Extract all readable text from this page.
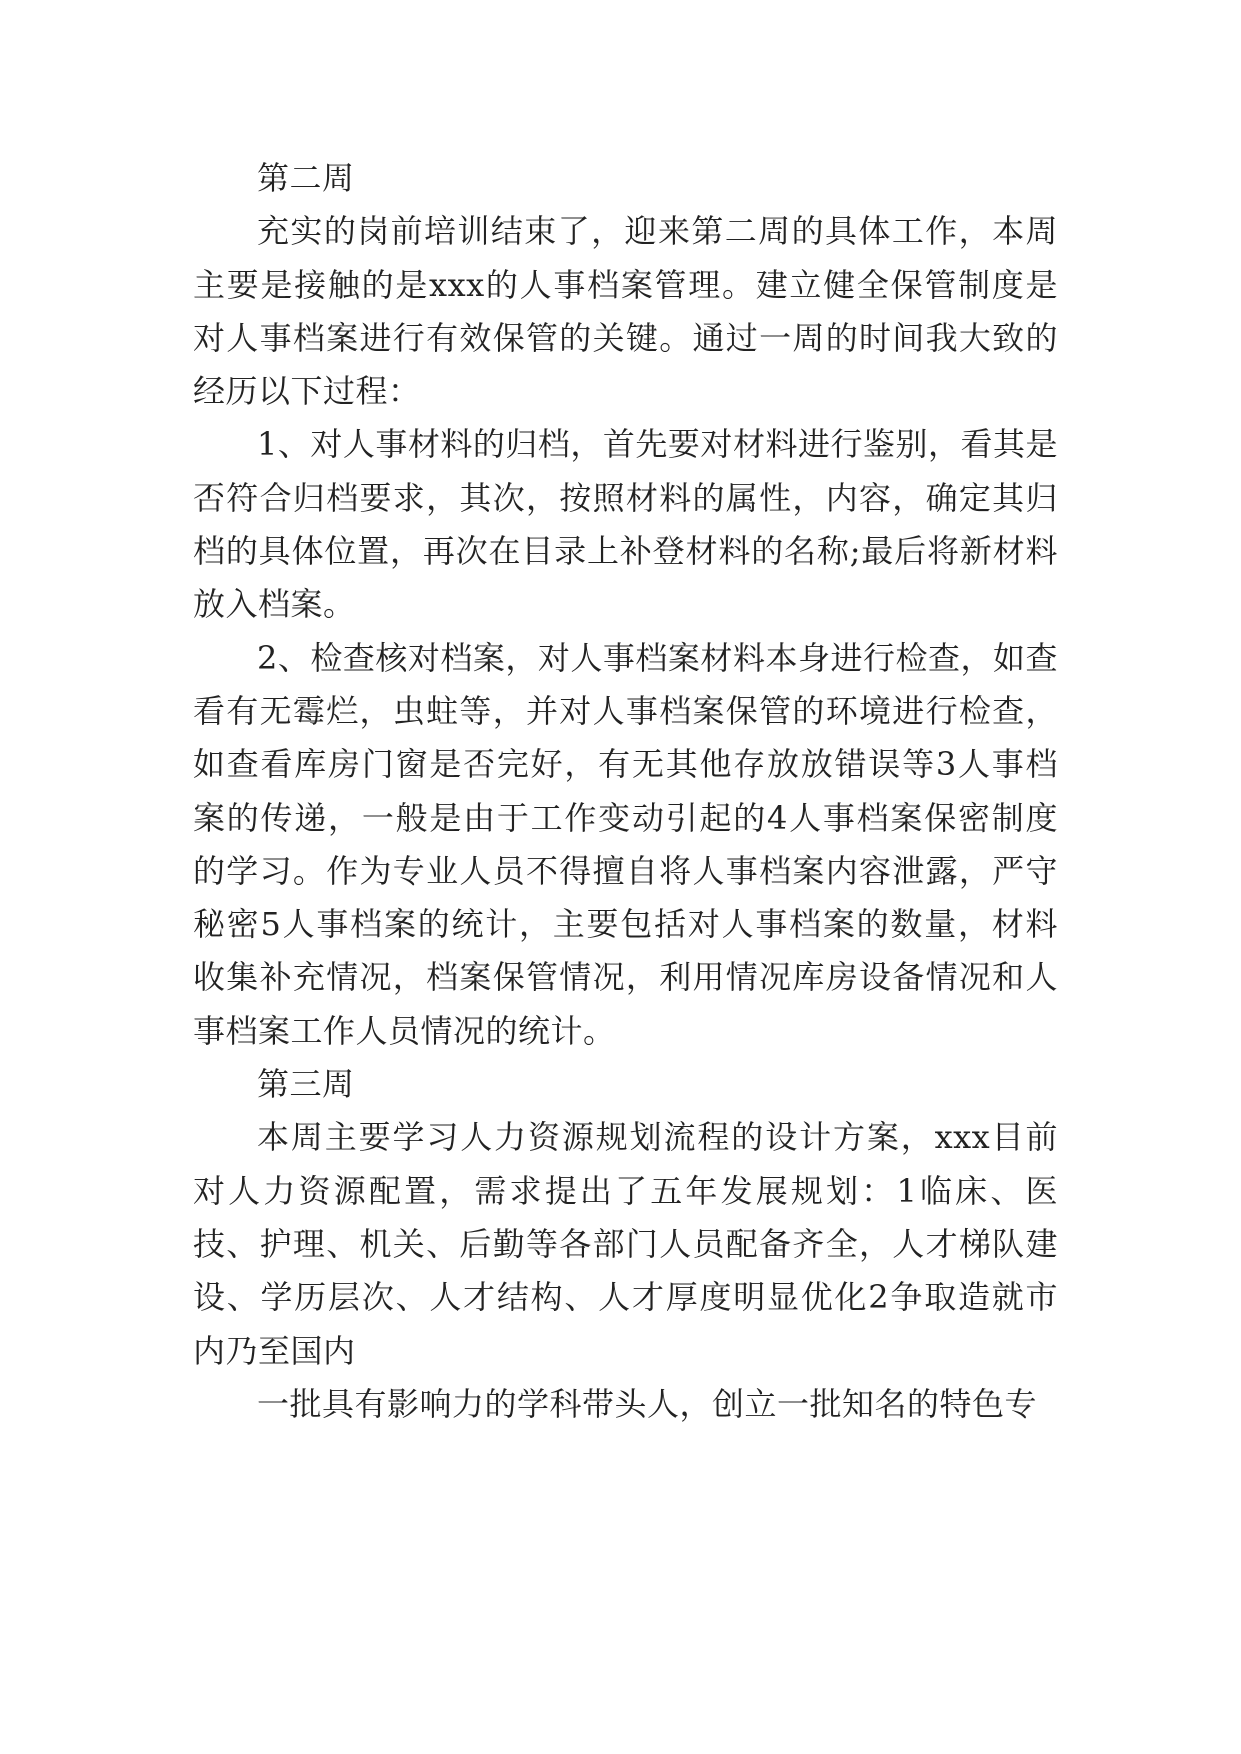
第二周

充实的岗前培训结束了，迎来第二周的具体工作，本周主要是接触的是xxx的人事档案管理。建立健全保管制度是对人事档案进行有效保管的关键。通过一周的时间我大致的经历以下过程：

1、对人事材料的归档，首先要对材料进行鉴别，看其是否符合归档要求，其次，按照材料的属性，内容，确定其归档的具体位置，再次在目录上补登材料的名称;最后将新材料放入档案。

2、检查核对档案，对人事档案材料本身进行检查，如查看有无霉烂，虫蛀等，并对人事档案保管的环境进行检查，如查看库房门窗是否完好，有无其他存放放错误等3人事档案的传递，一般是由于工作变动引起的4人事档案保密制度的学习。作为专业人员不得擅自将人事档案内容泄露，严守秘密5人事档案的统计，主要包括对人事档案的数量，材料收集补充情况，档案保管情况，利用情况库房设备情况和人事档案工作人员情况的统计。

第三周

本周主要学习人力资源规划流程的设计方案，xxx目前对人力资源配置，需求提出了五年发展规划：1临床、医技、护理、机关、后勤等各部门人员配备齐全，人才梯队建设、学历层次、人才结构、人才厚度明显优化2争取造就市内乃至国内

一批具有影响力的学科带头人，创立一批知名的特色专
